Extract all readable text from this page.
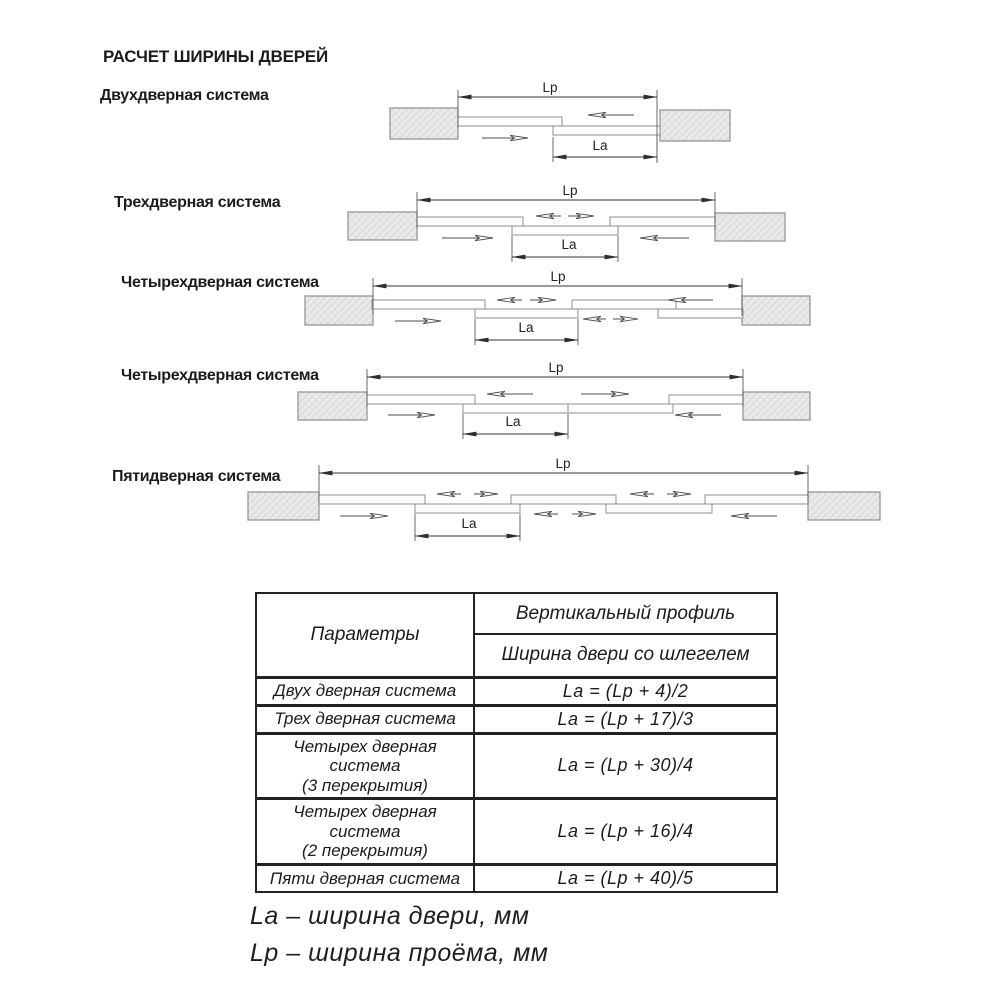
РАСЧЕТ ШИРИНЫ ДВЕРЕЙ
Двухдверная система
Трехдверная система
Четырехдверная система
Четырехдверная система
Пятидверная система
Lp
La
Lp
La
Lp
La
Lp
La
Lp
La
Параметры	Вертикальный профиль
	Ширина двери со шлегелем
Двух дверная система	La = (Lp + 4)/2
Трех дверная система	La = (Lp + 17)/3

Четырех дверная система
(3 перекрытия)	La = (Lp + 30)/4

Четырех дверная система
(2 перекрытия)	La = (Lp + 16)/4
Пяти дверная система	La = (Lp + 40)/5
La – ширина двери, мм
Lp – ширина проёма, мм
